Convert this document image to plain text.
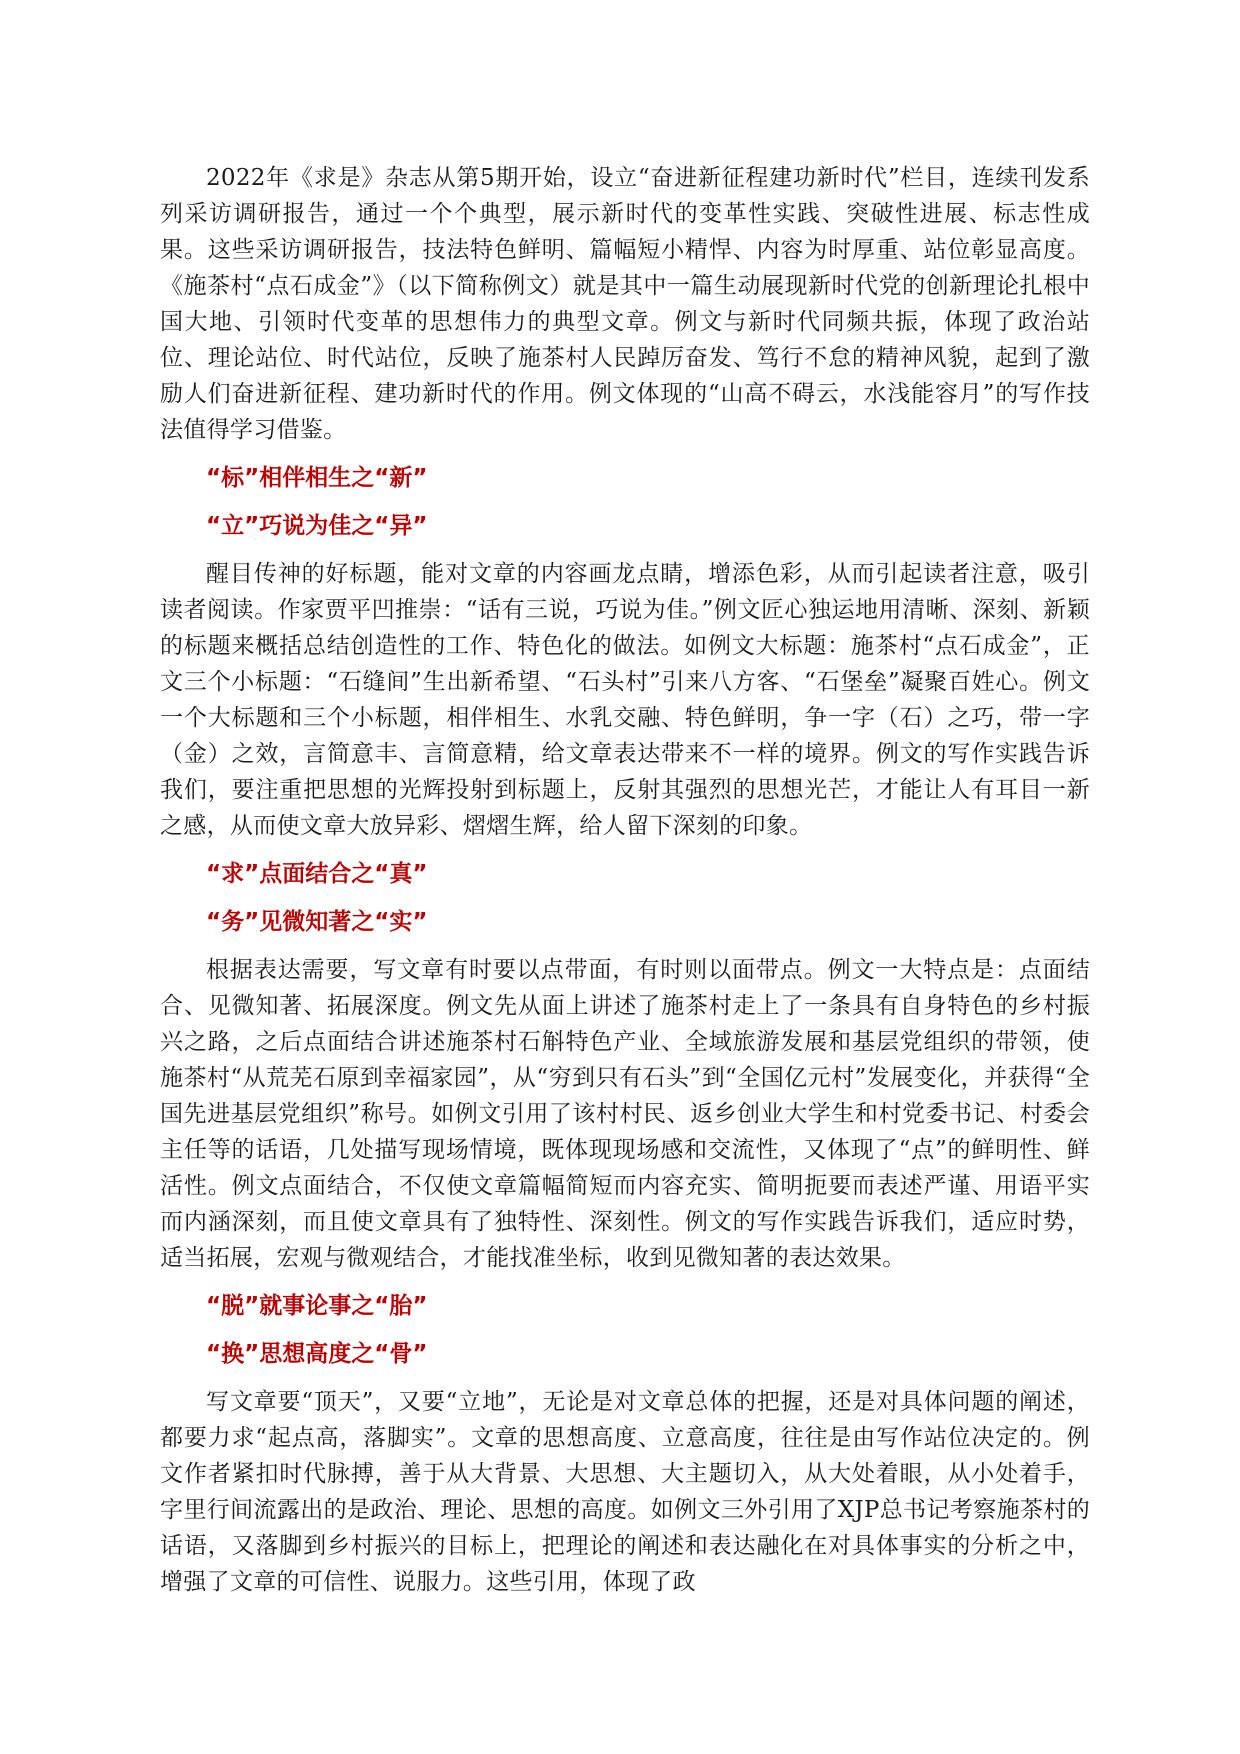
2022年《求是》杂志从第5期开始，设立“奋进新征程建功新时代”栏目，连续刊发系列采访调研报告，通过一个个典型，展示新时代的变革性实践、突破性进展、标志性成果。这些采访调研报告，技法特色鲜明、篇幅短小精悍、内容为时厚重、站位彰显高度。《施茶村“点石成金”》（以下简称例文）就是其中一篇生动展现新时代党的创新理论扎根中国大地、引领时代变革的思想伟力的典型文章。例文与新时代同频共振，体现了政治站位、理论站位、时代站位，反映了施茶村人民踔厉奋发、笃行不怠的精神风貌，起到了激励人们奋进新征程、建功新时代的作用。例文体现的“山高不碍云，水浅能容月”的写作技法值得学习借鉴。

“标”相伴相生之“新”
“立”巧说为佳之“异”

醒目传神的好标题，能对文章的内容画龙点睛，增添色彩，从而引起读者注意，吸引读者阅读。作家贾平凹推崇：“话有三说，巧说为佳。”例文匠心独运地用清晰、深刻、新颖的标题来概括总结创造性的工作、特色化的做法。如例文大标题：施茶村“点石成金”，正文三个小标题：“石缝间”生出新希望、“石头村”引来八方客、“石堡垒”凝聚百姓心。例文一个大标题和三个小标题，相伴相生、水乳交融、特色鲜明，争一字（石）之巧，带一字（金）之效，言简意丰、言简意精，给文章表达带来不一样的境界。例文的写作实践告诉我们，要注重把思想的光辉投射到标题上，反射其强烈的思想光芒，才能让人有耳目一新之感，从而使文章大放异彩、熠熠生辉，给人留下深刻的印象。

“求”点面结合之“真”
“务”见微知著之“实”

根据表达需要，写文章有时要以点带面，有时则以面带点。例文一大特点是：点面结合、见微知著、拓展深度。例文先从面上讲述了施茶村走上了一条具有自身特色的乡村振兴之路，之后点面结合讲述施茶村石斛特色产业、全域旅游发展和基层党组织的带领，使施茶村“从荒芜石原到幸福家园”，从“穷到只有石头”到“全国亿元村”发展变化，并获得“全国先进基层党组织”称号。如例文引用了该村村民、返乡创业大学生和村党委书记、村委会主任等的话语，几处描写现场情境，既体现现场感和交流性，又体现了“点”的鲜明性、鲜活性。例文点面结合，不仅使文章篇幅简短而内容充实、简明扼要而表述严谨、用语平实而内涵深刻，而且使文章具有了独特性、深刻性。例文的写作实践告诉我们，适应时势，适当拓展，宏观与微观结合，才能找准坐标，收到见微知著的表达效果。

“脱”就事论事之“胎”
“换”思想高度之“骨”

写文章要“顶天”，又要“立地”，无论是对文章总体的把握，还是对具体问题的阐述，都要力求“起点高，落脚实”。文章的思想高度、立意高度，往往是由写作站位决定的。例文作者紧扣时代脉搏，善于从大背景、大思想、大主题切入，从大处着眼，从小处着手，字里行间流露出的是政治、理论、思想的高度。如例文三外引用了XJP总书记考察施茶村的话语，又落脚到乡村振兴的目标上，把理论的阐述和表达融化在对具体事实的分析之中，增强了文章的可信性、说服力。这些引用，体现了政
